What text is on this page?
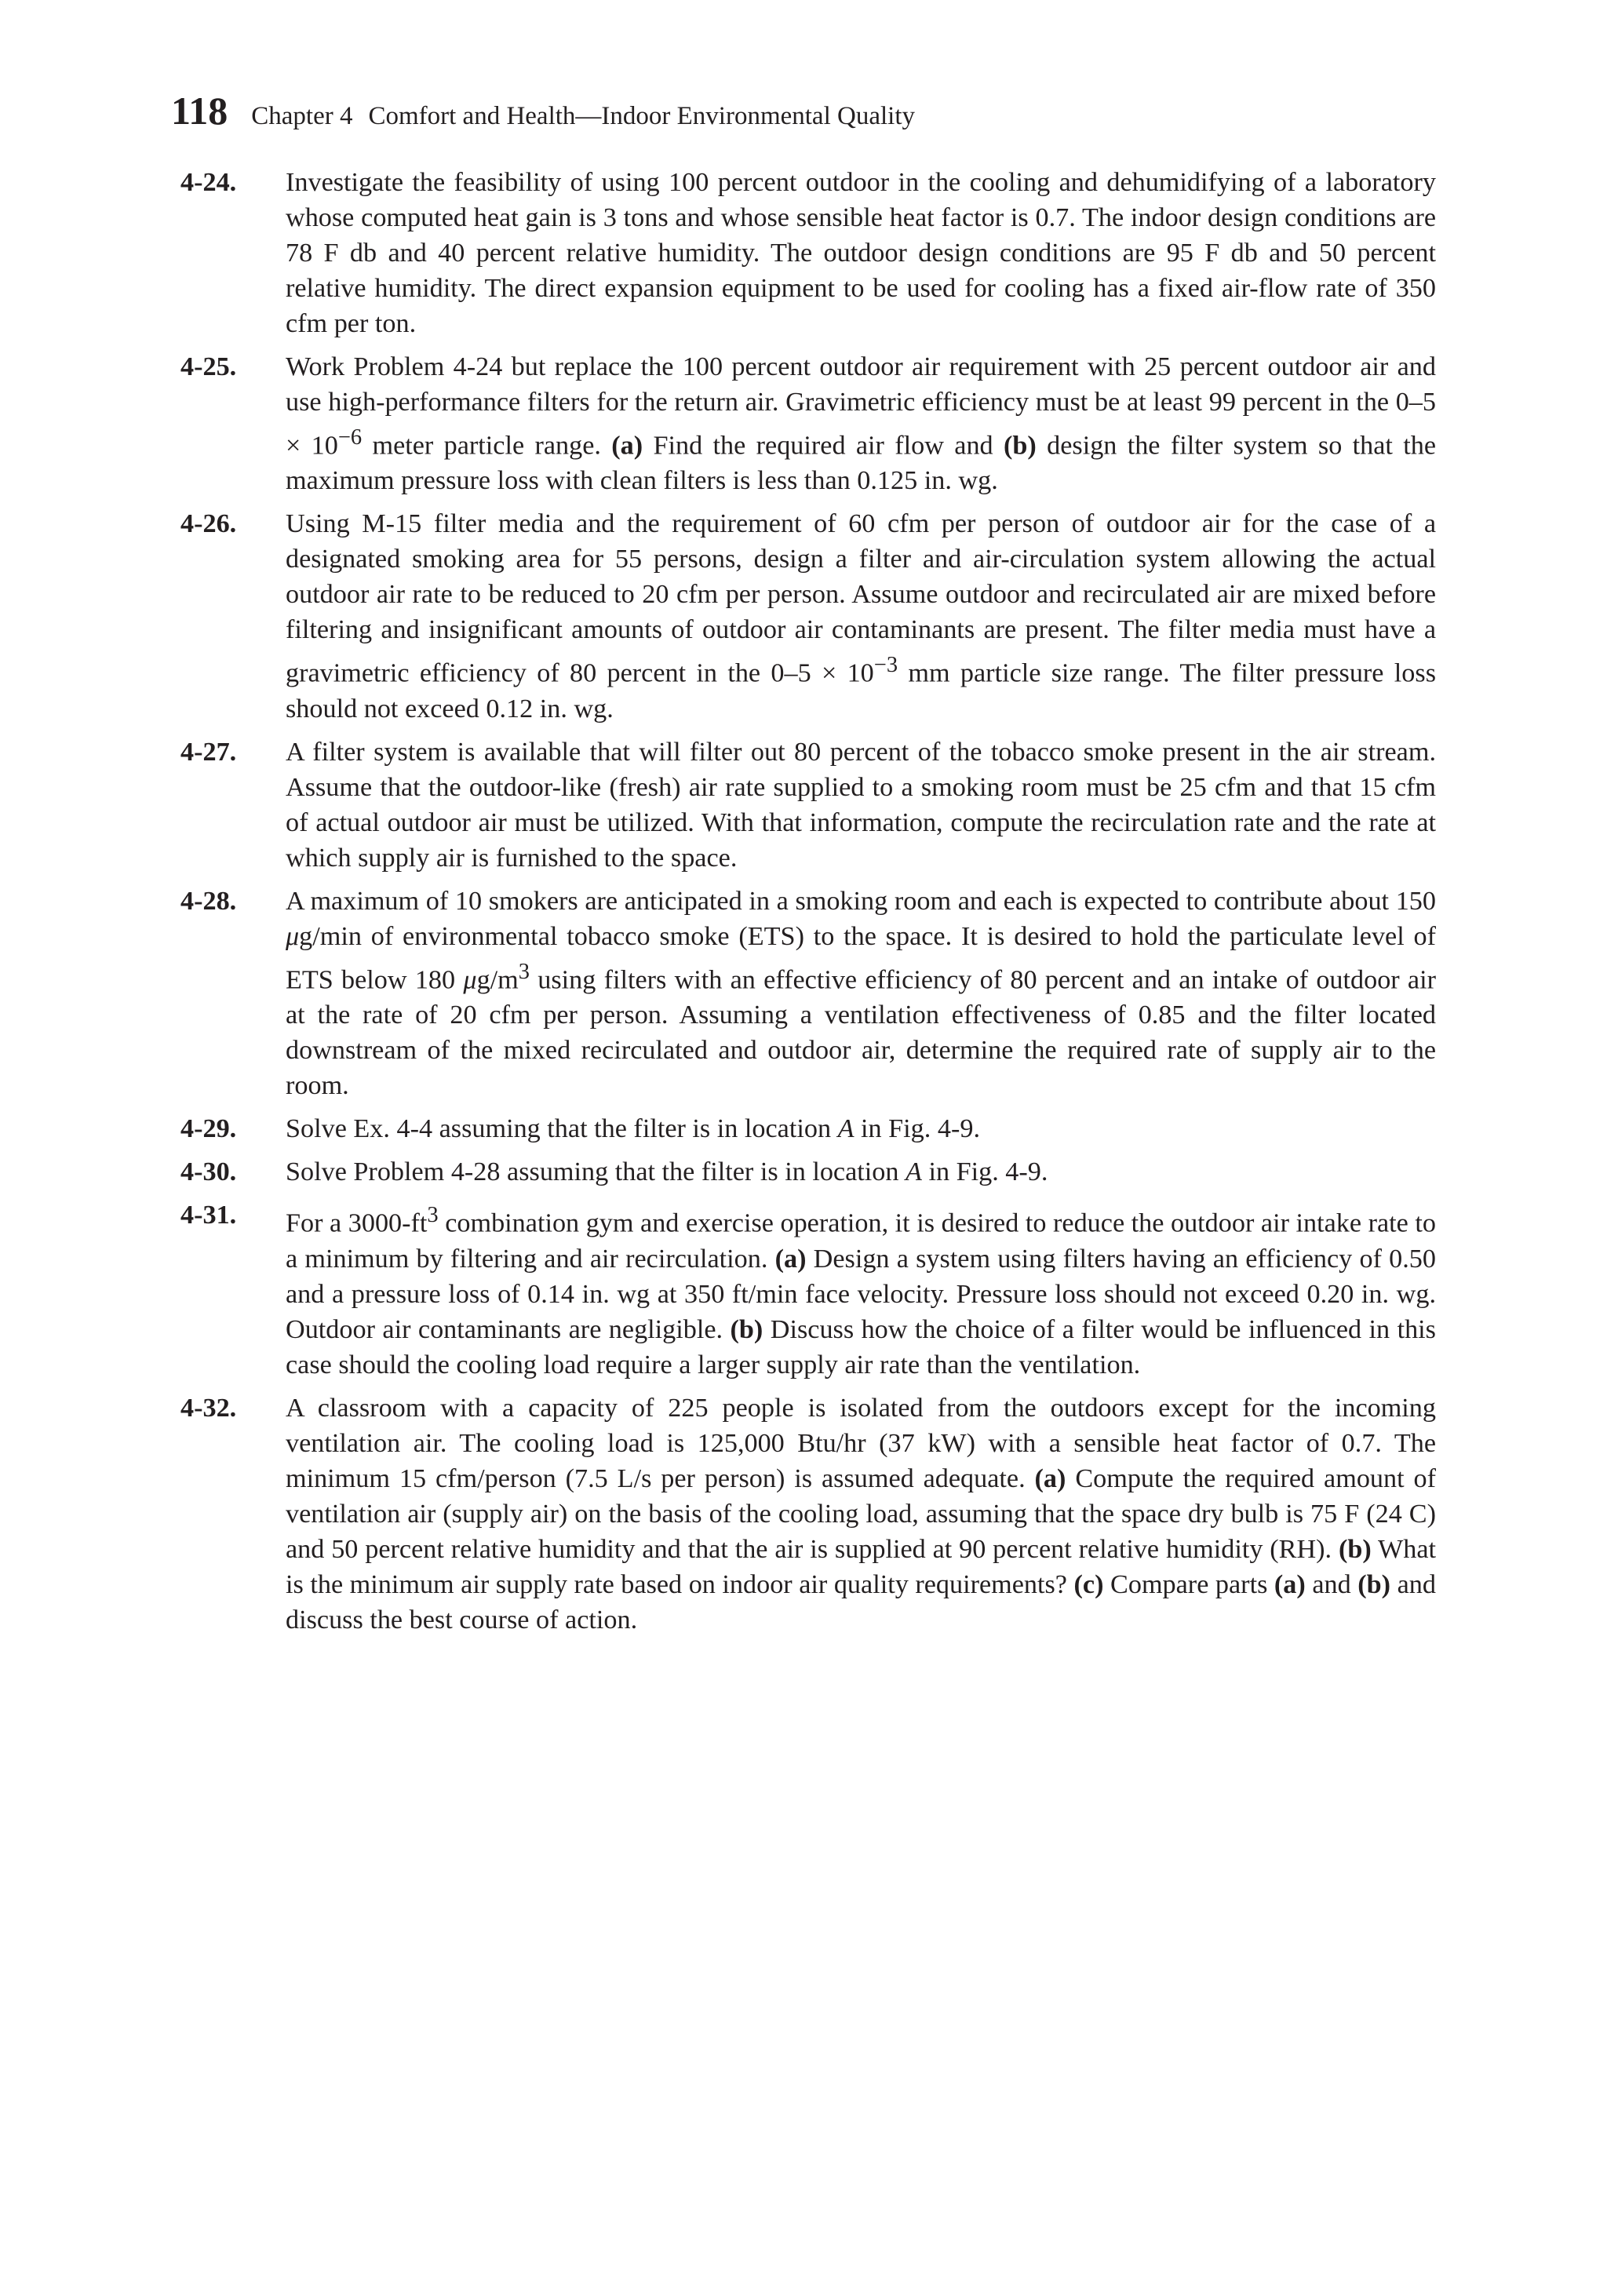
118 Chapter 4 Comfort and Health—Indoor Environmental Quality
4-24. Investigate the feasibility of using 100 percent outdoor in the cooling and dehumidifying of a laboratory whose computed heat gain is 3 tons and whose sensible heat factor is 0.7. The indoor design conditions are 78 F db and 40 percent relative humidity. The outdoor design conditions are 95 F db and 50 percent relative humidity. The direct expansion equipment to be used for cooling has a fixed air-flow rate of 350 cfm per ton.
4-25. Work Problem 4-24 but replace the 100 percent outdoor air requirement with 25 percent outdoor air and use high-performance filters for the return air. Gravimetric efficiency must be at least 99 percent in the $0-5 \times 10^{-6}$ meter particle range. (a) Find the required air flow and (b) design the filter system so that the maximum pressure loss with clean filters is less than 0.125 in. wg.
4-26. Using M-15 filter media and the requirement of 60 cfm per person of outdoor air for the case of a designated smoking area for 55 persons, design a filter and air-circulation system allowing the actual outdoor air rate to be reduced to 20 cfm per person. Assume outdoor and recirculated air are mixed before filtering and insignificant amounts of outdoor air contaminants are present. The filter media must have a gravimetric efficiency of 80 percent in the $0-5 \times 10^{-3}$ mm particle size range. The filter pressure loss should not exceed 0.12 in. wg.
4-27. A filter system is available that will filter out 80 percent of the tobacco smoke present in the air stream. Assume that the outdoor-like (fresh) air rate supplied to a smoking room must be 25 cfm and that 15 cfm of actual outdoor air must be utilized. With that information, compute the recirculation rate and the rate at which supply air is furnished to the space.
4-28. A maximum of 10 smokers are anticipated in a smoking room and each is expected to contribute about 150 μg/min of environmental tobacco smoke (ETS) to the space. It is desired to hold the particulate level of ETS below 180 $\mu g/m^3$ using filters with an effective efficiency of 80 percent and an intake of outdoor air at the rate of 20 cfm per person. Assuming a ventilation effectiveness of 0.85 and the filter located downstream of the mixed recirculated and outdoor air, determine the required rate of supply air to the room.
4-29. Solve Ex. 4-4 assuming that the filter is in location A in Fig. 4-9.
4-30. Solve Problem 4-28 assuming that the filter is in location A in Fig. 4-9.
4-31. For a $3000-ft^3$ combination gym and exercise operation, it is desired to reduce the outdoor air intake rate to a minimum by filtering and air recirculation. (a) Design a system using filters having an efficiency of 0.50 and a pressure loss of 0.14 in. wg at 350 ft/min face velocity. Pressure loss should not exceed 0.20 in. wg. Outdoor air contaminants are negligible. (b) Discuss how the choice of a filter would be influenced in this case should the cooling load require a larger supply air rate than the ventilation.
4-32. A classroom with a capacity of 225 people is isolated from the outdoors except for the incoming ventilation air. The cooling load is 125,000 Btu/hr (37 kW) with a sensible heat factor of 0.7. The minimum 15 cfm/person (7.5 L/s per person) is assumed adequate. (a) Compute the required amount of ventilation air (supply air) on the basis of the cooling load, assuming that the space dry bulb is 75 F (24 C) and 50 percent relative humidity and that the air is supplied at 90 percent relative humidity (RH). (b) What is the minimum air supply rate based on indoor air quality requirements? (c) Compare parts (a) and (b) and discuss the best course of action.
